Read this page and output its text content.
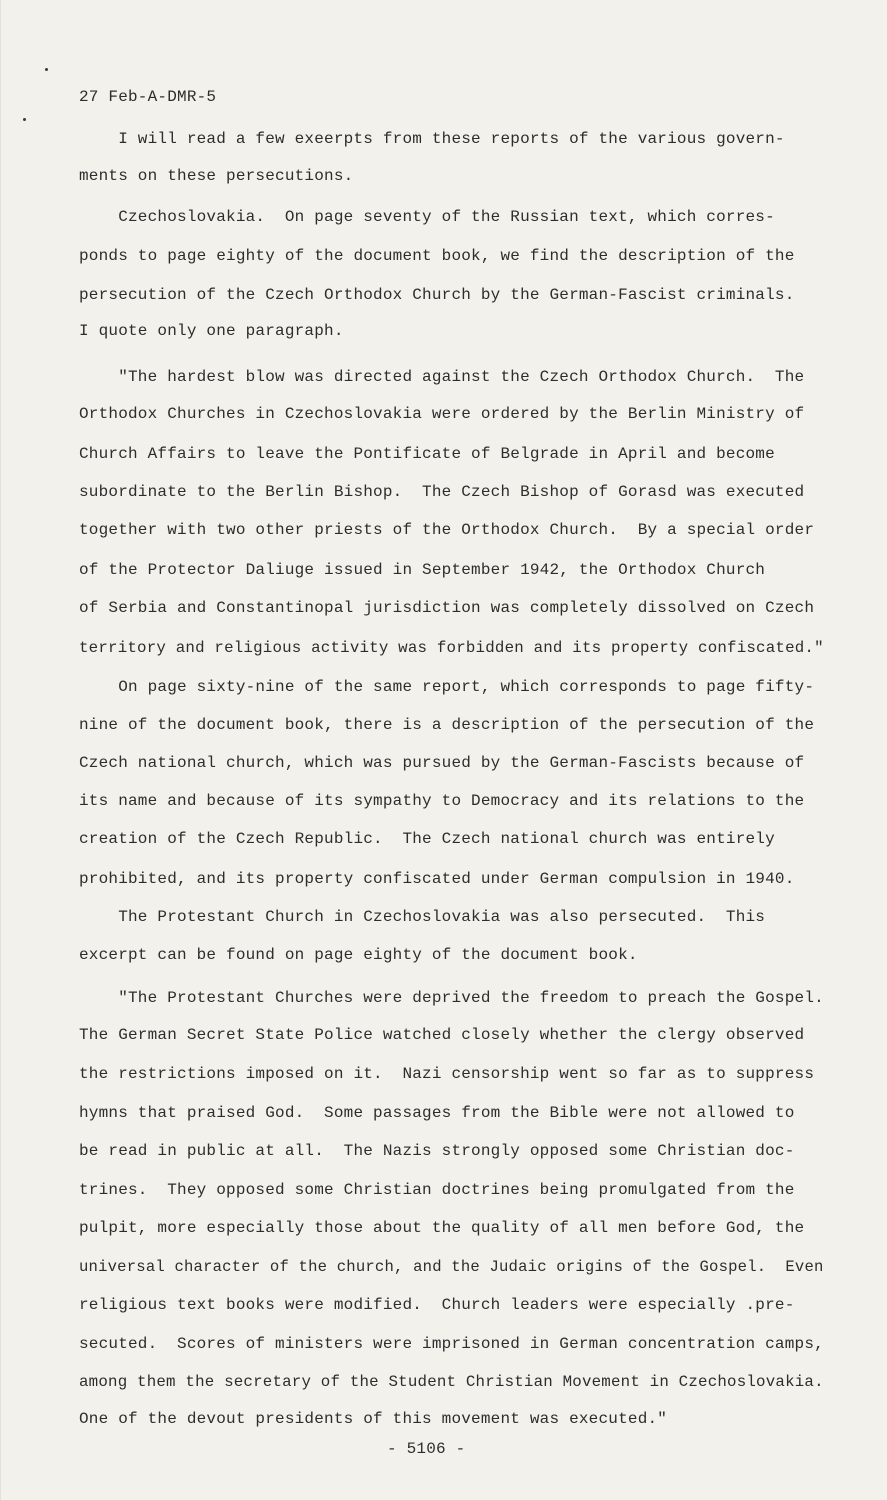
27 Feb-A-DMR-5
I will read a few exeerpts from these reports of the various govern-
ments on these persecutions.
Czechoslovakia.  On page seventy of the Russian text, which corres-
ponds to page eighty of the document book, we find the description of the
persecution of the Czech Orthodox Church by the German-Fascist criminals.
I quote only one paragraph.
"The hardest blow was directed against the Czech Orthodox Church.  The
Orthodox Churches in Czechoslovakia were ordered by the Berlin Ministry of
Church Affairs to leave the Pontificate of Belgrade in April and become
subordinate to the Berlin Bishop.  The Czech Bishop of Gorasd was executed
together with two other priests of the Orthodox Church.  By a special order
of the Protector Daliuge issued in September 1942, the Orthodox Church
of Serbia and Constantinopal jurisdiction was completely dissolved on Czech
territory and religious activity was forbidden and its property confiscated."
On page sixty-nine of the same report, which corresponds to page fifty-
nine of the document book, there is a description of the persecution of the
Czech national church, which was pursued by the German-Fascists because of
its name and because of its sympathy to Democracy and its relations to the
creation of the Czech Republic.  The Czech national church was entirely
prohibited, and its property confiscated under German compulsion in 1940.
The Protestant Church in Czechoslovakia was also persecuted.  This
excerpt can be found on page eighty of the document book.
"The Protestant Churches were deprived the freedom to preach the Gospel.
The German Secret State Police watched closely whether the clergy observed
the restrictions imposed on it.  Nazi censorship went so far as to suppress
hymns that praised God.  Some passages from the Bible were not allowed to
be read in public at all.  The Nazis strongly opposed some Christian doc-
trines.  They opposed some Christian doctrines being promulgated from the
pulpit, more especially those about the quality of all men before God, the
universal character of the church, and the Judaic origins of the Gospel.  Even
religious text books were modified.  Church leaders were especially .pre-
secuted.  Scores of ministers were imprisoned in German concentration camps,
among them the secretary of the Student Christian Movement in Czechoslovakia.
One of the devout presidents of this movement was executed."
- 5106 -
